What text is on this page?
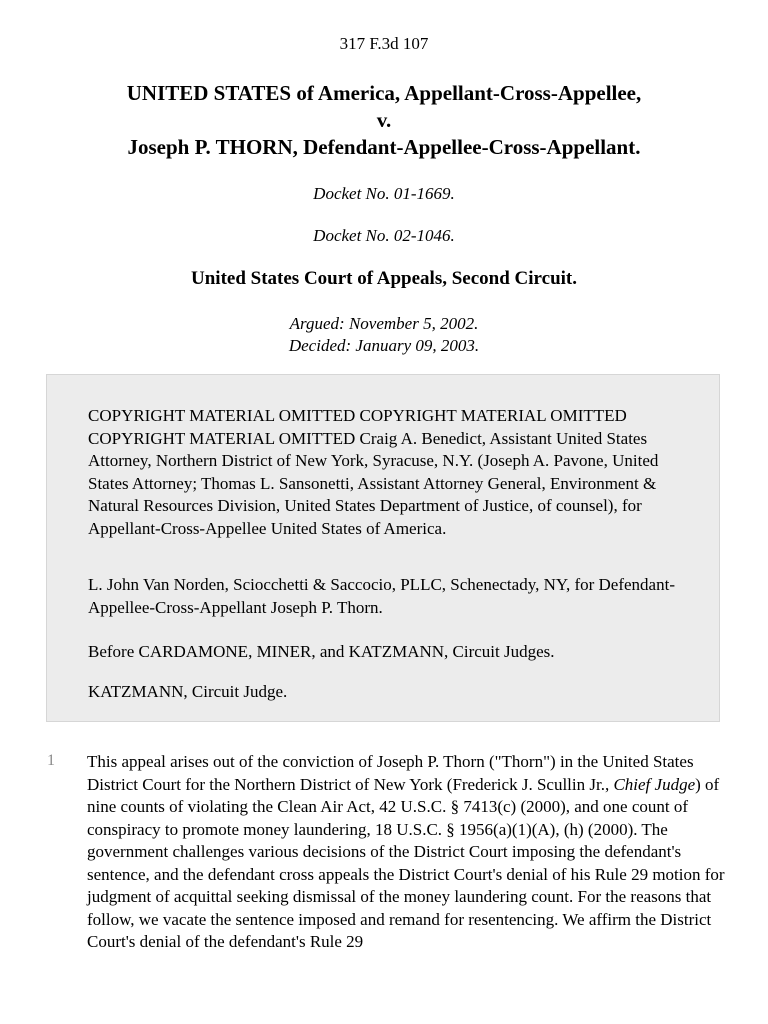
317 F.3d 107
UNITED STATES of America, Appellant-Cross-Appellee,
v.
Joseph P. THORN, Defendant-Appellee-Cross-Appellant.
Docket No. 01-1669.
Docket No. 02-1046.
United States Court of Appeals, Second Circuit.
Argued: November 5, 2002.
Decided: January 09, 2003.

COPYRIGHT MATERIAL OMITTED COPYRIGHT MATERIAL OMITTED COPYRIGHT MATERIAL OMITTED Craig A. Benedict, Assistant United States Attorney, Northern District of New York, Syracuse, N.Y. (Joseph A. Pavone, United States Attorney; Thomas L. Sansonetti, Assistant Attorney General, Environment & Natural Resources Division, United States Department of Justice, of counsel), for Appellant-Cross-Appellee United States of America.

L. John Van Norden, Sciocchetti & Saccocio, PLLC, Schenectady, NY, for Defendant-Appellee-Cross-Appellant Joseph P. Thorn.

Before CARDAMONE, MINER, and KATZMANN, Circuit Judges.

KATZMANN, Circuit Judge.

1 This appeal arises out of the conviction of Joseph P. Thorn ("Thorn") in the United States District Court for the Northern District of New York (Frederick J. Scullin Jr., Chief Judge) of nine counts of violating the Clean Air Act, 42 U.S.C. § 7413(c) (2000), and one count of conspiracy to promote money laundering, 18 U.S.C. § 1956(a)(1)(A), (h) (2000). The government challenges various decisions of the District Court imposing the defendant's sentence, and the defendant cross appeals the District Court's denial of his Rule 29 motion for judgment of acquittal seeking dismissal of the money laundering count. For the reasons that follow, we vacate the sentence imposed and remand for resentencing. We affirm the District Court's denial of the defendant's Rule 29
